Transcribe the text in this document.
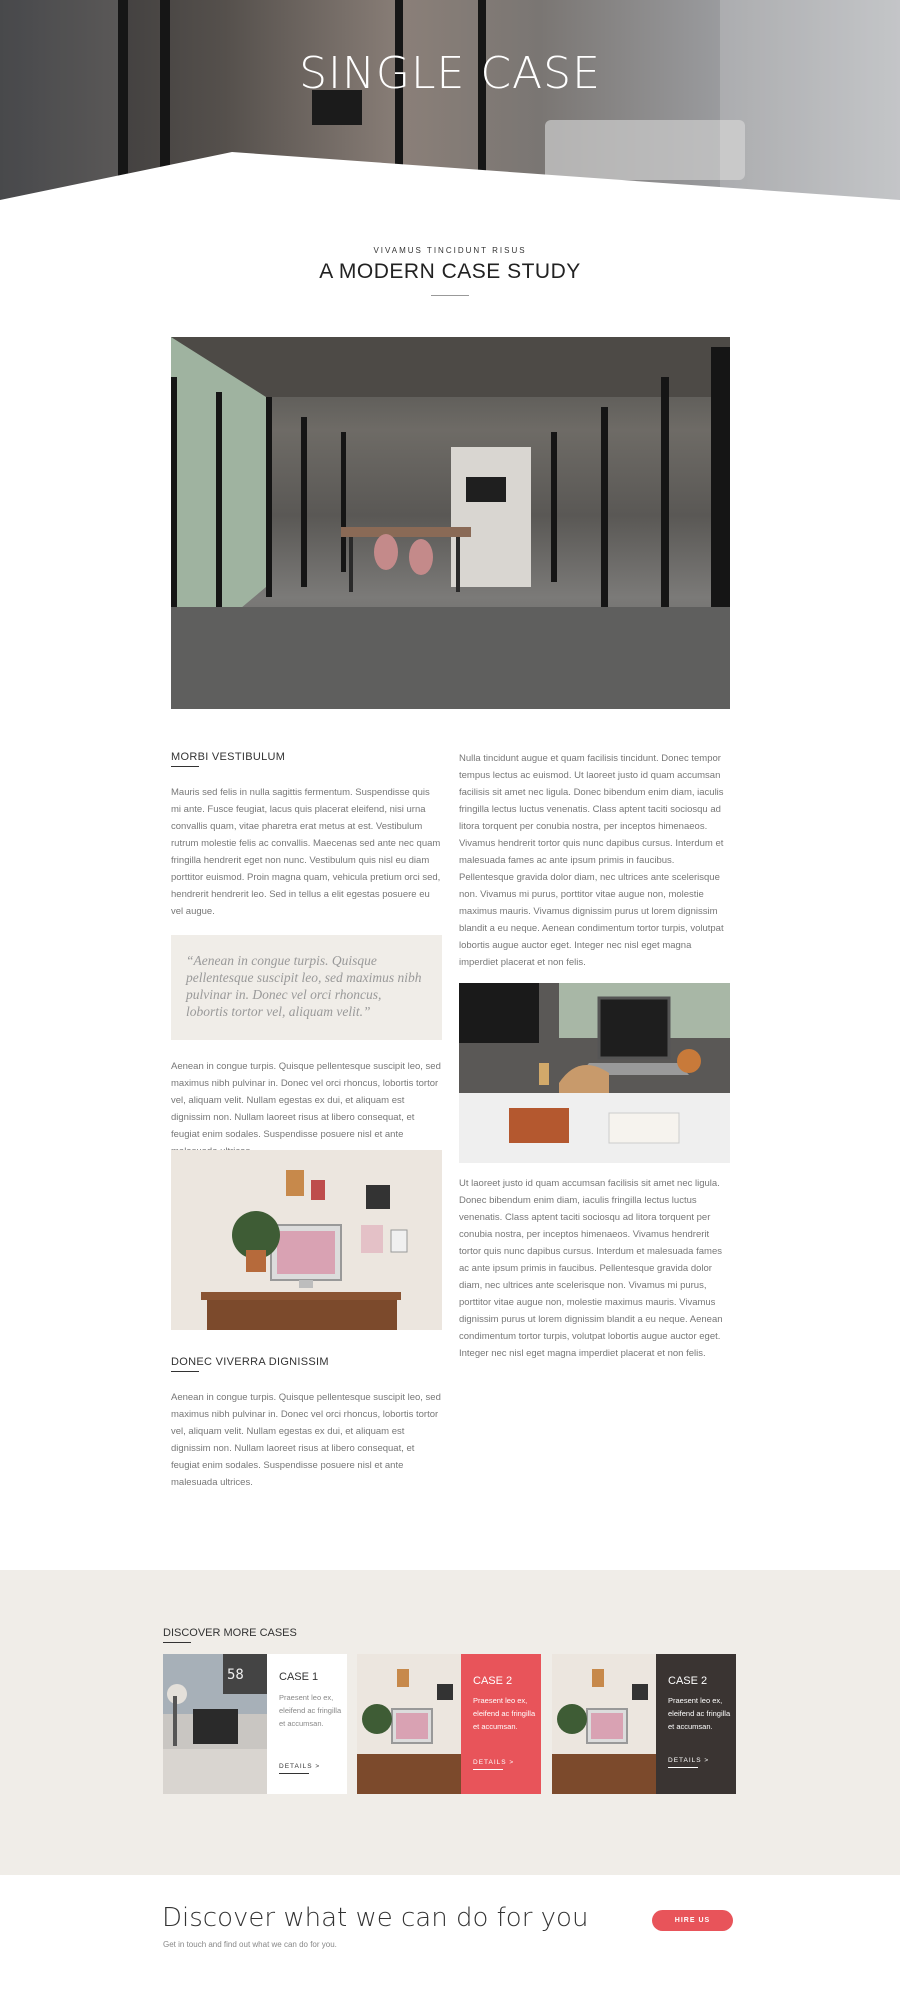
SINGLE CASE
VIVAMUS TINCIDUNT RISUS
A MODERN CASE STUDY
MORBI VESTIBULUM

Mauris sed felis in nulla sagittis fermentum. Suspendisse quis mi ante. Fusce feugiat, lacus quis placerat eleifend, nisi urna convallis quam, vitae pharetra erat metus at est. Vestibulum rutrum molestie felis ac convallis. Maecenas sed ante nec quam fringilla hendrerit eget non nunc. Vestibulum quis nisl eu diam porttitor euismod. Proin magna quam, vehicula pretium orci sed, hendrerit hendrerit leo. Sed in tellus a elit egestas posuere eu vel augue.

“Aenean in congue turpis. Quisque pellentesque suscipit leo, sed maximus nibh pulvinar in. Donec vel orci rhoncus, lobortis tortor vel, aliquam velit.”

Aenean in congue turpis. Quisque pellentesque suscipit leo, sed maximus nibh pulvinar in. Donec vel orci rhoncus, lobortis tortor vel, aliquam velit. Nullam egestas ex dui, et aliquam est dignissim non. Nullam laoreet risus at libero consequat, et feugiat enim sodales. Suspendisse posuere nisl et ante

DONEC VIVERRA DIGNISSIM

Aenean in congue turpis. Quisque pellentesque suscipit leo, sed maximus nibh pulvinar in. Donec vel orci rhoncus, lobortis tortor vel, aliquam velit. Nullam egestas ex dui, et aliquam est dignissim non. Nullam laoreet risus at libero consequat, et feugiat enim sodales. Suspendisse posuere nisl et ante malesuada ultrices.

Nulla tincidunt augue et quam facilisis tincidunt. Donec tempor tempus lectus ac euismod. Ut laoreet justo id quam accumsan facilisis sit amet nec ligula. Donec bibendum enim diam, iaculis fringilla lectus luctus venenatis. Class aptent taciti sociosqu ad litora torquent per conubia nostra, per inceptos himenaeos. Vivamus hendrerit tortor quis nunc dapibus cursus. Interdum et malesuada fames ac ante ipsum primis in faucibus. Pellentesque gravida dolor diam, nec ultrices ante scelerisque non. Vivamus mi purus, porttitor vitae augue non, molestie maximus mauris. Vivamus dignissim purus ut lorem dignissim blandit a eu neque. Aenean condimentum tortor turpis, volutpat lobortis augue auctor eget. Integer nec nisl eget magna imperdiet placerat et non felis.

Ut laoreet justo id quam accumsan facilisis sit amet nec ligula. Donec bibendum enim diam, iaculis fringilla lectus luctus venenatis. Class aptent taciti sociosqu ad litora torquent per conubia nostra, per inceptos himenaeos. Vivamus hendrerit tortor quis nunc dapibus cursus. Interdum et malesuada fames ac ante ipsum primis in faucibus. Pellentesque gravida dolor diam, nec ultrices ante scelerisque non. Vivamus mi purus, porttitor vitae augue non, molestie maximus mauris. Vivamus dignissim purus ut lorem dignissim blandit a eu neque. Aenean condimentum tortor turpis, volutpat lobortis augue auctor eget. Integer nec nisl eget magna imperdiet placerat et non felis.

DISCOVER MORE CASES
58	CASE 1
Praesent leo ex, eleifend ac fringilla et accumsan.
DETAILS >
CASE 2
Praesent leo ex, eleifend ac fringilla et accumsan.
DETAILS >
CASE 2
Praesent leo ex, eleifend ac fringilla et accumsan.
DETAILS >
Discover what we can do for you
Get in touch and find out what we can do for you.
HIRE US
